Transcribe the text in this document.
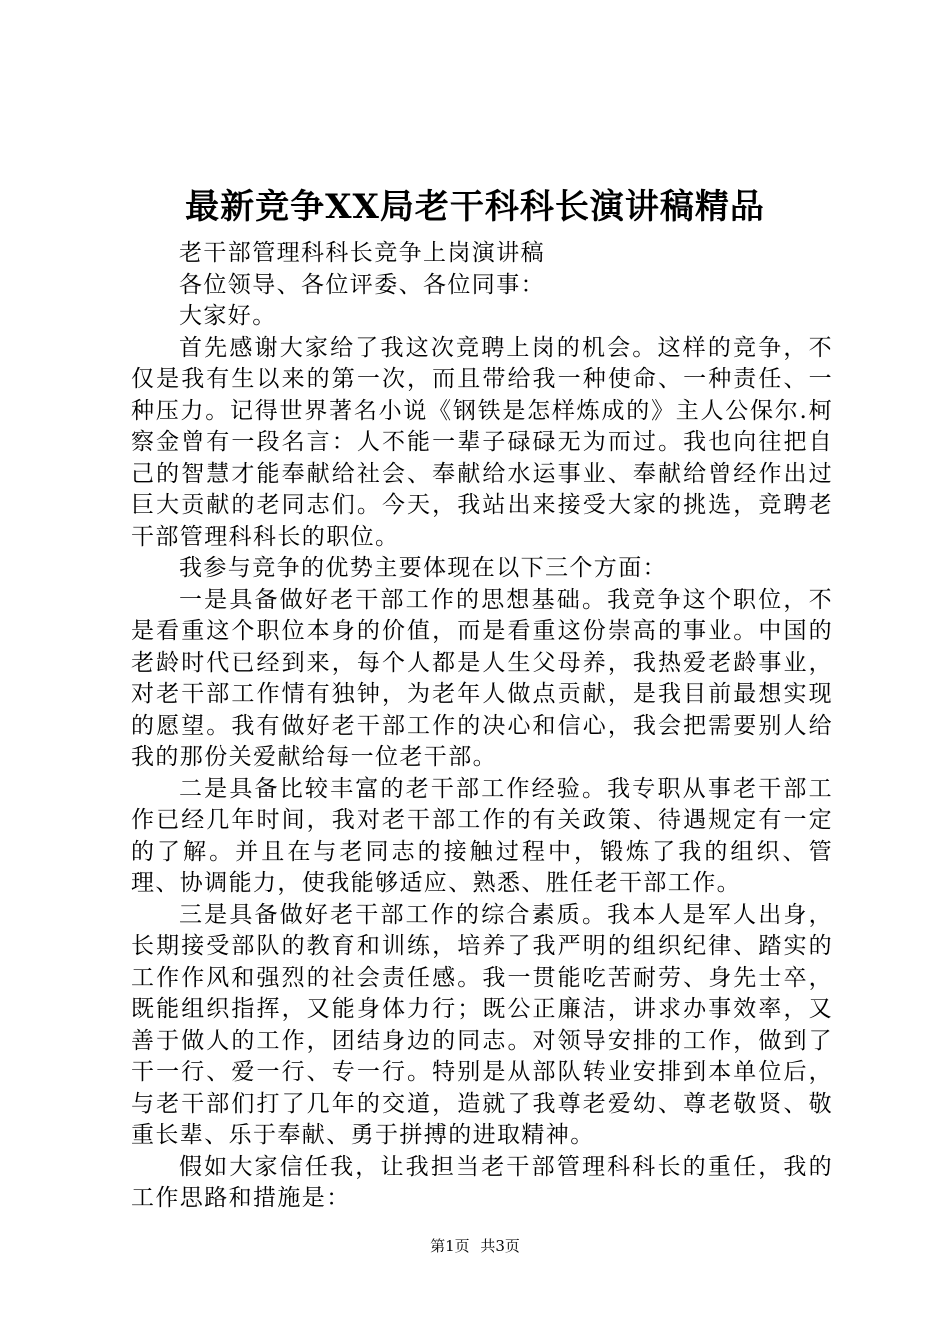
最新竞争XX局老干科科长演讲稿精品

老干部管理科科长竞争上岗演讲稿

各位领导、各位评委、各位同事：

大家好。

首先感谢大家给了我这次竞聘上岗的机会。这样的竞争，不仅是我有生以来的第一次，而且带给我一种使命、一种责任、一种压力。记得世界著名小说《钢铁是怎样炼成的》主人公保尔.柯察金曾有一段名言：人不能一辈子碌碌无为而过。我也向往把自己的智慧才能奉献给社会、奉献给水运事业、奉献给曾经作出过巨大贡献的老同志们。今天，我站出来接受大家的挑选，竞聘老干部管理科科长的职位。

我参与竞争的优势主要体现在以下三个方面：

一是具备做好老干部工作的思想基础。我竞争这个职位，不是看重这个职位本身的价值，而是看重这份崇高的事业。中国的老龄时代已经到来，每个人都是人生父母养，我热爱老龄事业，对老干部工作情有独钟，为老年人做点贡献，是我目前最想实现的愿望。我有做好老干部工作的决心和信心，我会把需要别人给我的那份关爱献给每一位老干部。

二是具备比较丰富的老干部工作经验。我专职从事老干部工作已经几年时间，我对老干部工作的有关政策、待遇规定有一定的了解。并且在与老同志的接触过程中，锻炼了我的组织、管理、协调能力，使我能够适应、熟悉、胜任老干部工作。

三是具备做好老干部工作的综合素质。我本人是军人出身，长期接受部队的教育和训练，培养了我严明的组织纪律、踏实的工作作风和强烈的社会责任感。我一贯能吃苦耐劳、身先士卒，既能组织指挥，又能身体力行；既公正廉洁，讲求办事效率，又善于做人的工作，团结身边的同志。对领导安排的工作，做到了干一行、爱一行、专一行。特别是从部队转业安排到本单位后，与老干部们打了几年的交道，造就了我尊老爱幼、尊老敬贤、敬重长辈、乐于奉献、勇于拼搏的进取精神。

假如大家信任我，让我担当老干部管理科科长的重任，我的工作思路和措施是：

第1页 共3页
